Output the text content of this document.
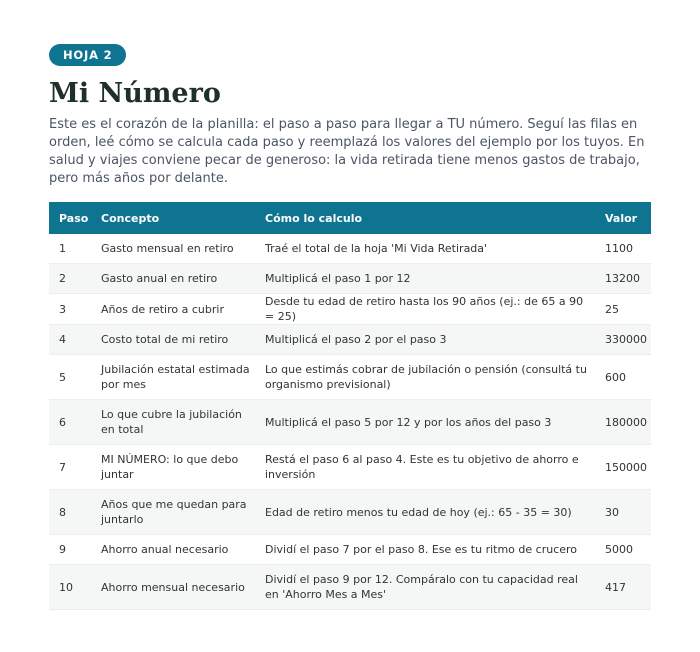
HOJA 2
Mi Número

Este es el corazón de la planilla: el paso a paso para llegar a TU número. Seguí las filas en orden, leé cómo se calcula cada paso y reemplazá los valores del ejemplo por los tuyos. En salud y viajes conviene pecar de generoso: la vida retirada tiene menos gastos de trabajo, pero más años por delante.

Paso	Concepto	Cómo lo calculo	Valor
1	Gasto mensual en retiro	Traé el total de la hoja 'Mi Vida Retirada'	1100
2	Gasto anual en retiro	Multiplicá el paso 1 por 12	13200
3	Años de retiro a cubrir	Desde tu edad de retiro hasta los 90 años (ej.: de 65 a 90 = 25)	25
4	Costo total de mi retiro	Multiplicá el paso 2 por el paso 3	330000
5	Jubilación estatal estimada por mes	Lo que estimás cobrar de jubilación o pensión (consultá tu organismo previsional)	600
6	Lo que cubre la jubilación en total	Multiplicá el paso 5 por 12 y por los años del paso 3	180000
7	MI NÚMERO: lo que debo juntar	Restá el paso 6 al paso 4. Este es tu objetivo de ahorro e inversión	150000
8	Años que me quedan para juntarlo	Edad de retiro menos tu edad de hoy (ej.: 65 - 35 = 30)	30
9	Ahorro anual necesario	Dividí el paso 7 por el paso 8. Ese es tu ritmo de crucero	5000
10	Ahorro mensual necesario	Dividí el paso 9 por 12. Compáralo con tu capacidad real en 'Ahorro Mes a Mes'	417
